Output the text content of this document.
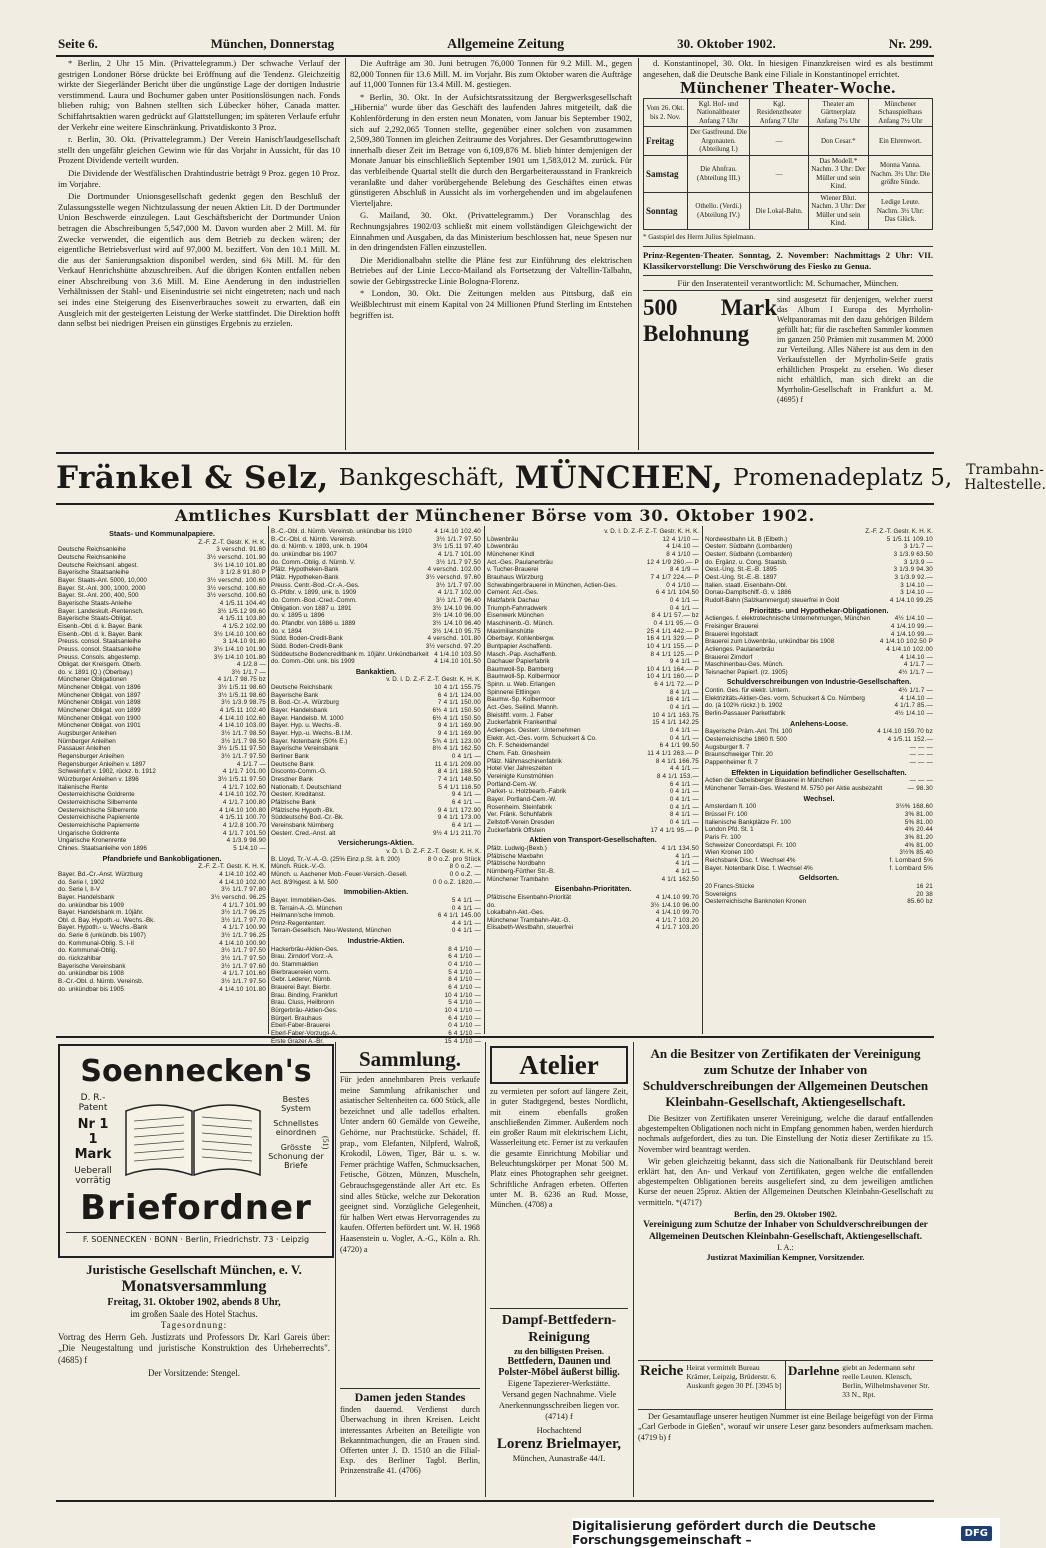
Seite 6.	München, Donnerstag	Allgemeine Zeitung	30. Oktober 1902.	Nr. 299.

* Berlin, 2 Uhr 15 Min. (Privattelegramm.) Der schwache Verlauf der gestrigen Londoner Börse drückte bei Eröffnung auf die Tendenz. Gleichzeitig wirkte der Siegerländer Bericht über die ungünstige Lage der dortigen Industrie verstimmend. Laura und Bochumer gaben unter Positionslösungen nach. Fonds blieben ruhig; von Bahnen stellten sich Lübecker höher, Canada matter. Schiffahrtsaktien waren gedrückt auf Glattstellungen; im späteren Verlaufe erfuhr der Verkehr eine weitere Einschränkung. Privatdiskonto 3 Proz.

r. Berlin, 30. Okt. (Privattelegramm.) Der Verein Hanisch'laudgesellschaft stellt den ungefähr gleichen Gewinn wie für das Vorjahr in Aussicht, für das 10 Prozent Dividende verteilt wurden.

Die Dividende der Westfälischen Drahtindustrie beträgt 9 Proz. gegen 10 Proz. im Vorjahre.

Die Dortmunder Unionsgesellschaft gedenkt gegen den Beschluß der Zulassungsstelle wegen Nichtzulassung der neuen Aktien Lit. D der Dortmunder Union Beschwerde einzulegen. Laut Geschäftsbericht der Dortmunder Union betragen die Abschreibungen 5,547,000 M. Davon wurden aber 2 Mill. M. für Zwecke verwendet, die eigentlich aus dem Betrieb zu decken wären; der eigentliche Betriebsverlust wird auf 97,000 M. beziffert. Von den 10.1 Mill. M. die aus der Sanierungsaktion disponibel werden, sind 6¾ Mill. M. für den Verkauf Henrichshütte abzuschreiben. Auf die übrigen Konten entfallen neben einer Abschreibung von 3.6 Mill. M. Eine Aenderung in den industriellen Verhältnissen der Stahl- und Eisenindustrie sei nicht eingetreten; nach und nach sei indes eine Steigerung des Eisenverbrauches soweit zu erwarten, daß ein Ausgleich mit der gesteigerten Leistung der Werke stattfindet. Die Direktion hofft dann selbst bei niedrigen Preisen ein günstiges Ergebnis zu erzielen.

Die Aufträge am 30. Juni betrugen 76,000 Tonnen für 9.2 Mill. M., gegen 82,000 Tonnen für 13.6 Mill. M. im Vorjahr. Bis zum Oktober waren die Aufträge auf 11,000 Tonnen für 13.4 Mill. M. gestiegen.

* Berlin, 30. Okt. In der Aufsichtsratssitzung der Bergwerksgesellschaft „Hibernia" wurde über das Geschäft des laufenden Jahres mitgeteilt, daß die Kohlenförderung in den ersten neun Monaten, vom Januar bis September 1902, sich auf 2,292,065 Tonnen stellte, gegenüber einer solchen von zusammen 2,509,380 Tonnen im gleichen Zeitraume des Vorjahres. Der Gesamtbruttogewinn innerhalb dieser Zeit im Betrage von 6,109,876 M. blieb hinter demjenigen der Monate Januar bis einschließlich September 1901 um 1,583,012 M. zurück. Für das verbleibende Quartal stellt die durch den Bergarbeiterausstand in Frankreich veranlaßte und daher vorübergehende Belebung des Geschäftes einen etwas günstigeren Abschluß in Aussicht als im vorhergehenden und im abgelaufenen Vierteljahre.

G. Mailand, 30. Okt. (Privattelegramm.) Der Voranschlag des Rechnungsjahres 1902/03 schließt mit einem vollständigen Gleichgewicht der Einnahmen und Ausgaben, da das Ministerium beschlossen hat, neue Spesen nur in den dringendsten Fällen einzustellen.

Die Meridionalbahn stellte die Pläne fest zur Einführung des elektrischen Betriebes auf der Linie Lecco-Mailand als Fortsetzung der Valtellin-Talbahn, sowie der Gebirgsstrecke Linie Bologna-Florenz.

* London, 30. Okt. Die Zeitungen melden aus Pittsburg, daß ein Weißblechtrust mit einem Kapital von 24 Millionen Pfund Sterling im Entstehen begriffen ist.

d. Konstantinopel, 30. Okt. In hiesigen Finanzkreisen wird es als bestimmt angesehen, daß die Deutsche Bank eine Filiale in Konstantinopel errichtet.

Münchener Theater-Woche.
Vom 26. Okt. bis 2. Nov.	Kgl. Hof- und Nationaltheater Anfang 7 Uhr	Kgl. Residenztheater Anfang 7 Uhr	Theater am Gärtnerplatz Anfang 7½ Uhr	Münchener Schauspielhaus Anfang 7½ Uhr
Freitag	Der Gastfreund. Die Argonauten. (Abteilung I.)	—	Don Cesar.*	Ein Ehrenwort.
Samstag	Die Ahnfrau. (Abteilung III.)	—	Das Modell.* Nachm. 3 Uhr: Der Müller und sein Kind.	Monna Vanna. Nachm. 3½ Uhr: Die größte Sünde.
Sonntag	Othello. (Verdi.) (Abteilung IV.)	Die Lokal-Bahn.	Wiener Blut. Nachm. 3 Uhr: Der Müller und sein Kind.	Ledige Leute. Nachm. 3½ Uhr: Das Glück.
* Gastspiel des Herrn Julius Spielmann.
Prinz-Regenten-Theater. Sonntag, 2. November: Nachmittags 2 Uhr: VII. Klassikervorstellung: Die Verschwörung des Fiesko zu Genua.
Für den Inseratenteil verantwortlich: M. Schumacher, München.
500 Mark Belohnung
sind ausgesetzt für denjenigen, welcher zuerst das Album I Europa des Myrrholin-Weltpanoramas mit den dazu gehörigen Bildern gefüllt hat; für die rascheften Sammler kommen im ganzen 250 Prämien mit zusammen M. 2000 zur Verteilung. Alles Nähere ist aus dem in den Verkaufsstellen der Myrrholin-Seife gratis erhältlichen Prospekt zu ersehen. Wo dieser nicht erhältlich, man sich direkt an die Myrrholin-Gesellschaft in Frankfurt a. M. (4695) f
Fränkel & Selz, Bankgeschäft, MÜNCHEN, Promenadeplatz 5, Trambahn-
Haltestelle.
Amtliches Kursblatt der Münchener Börse vom 30. Oktober 1902.
Staats- und Kommunalpapiere.
Z.-F. Z.-T. Gestr. K. H. K.
Deutsche Reichsanleihe	3 verschd. 91.60
Deutsche Reichsanleihe	3½ verschd. 101.90
Deutsche Reichsanl. abgest.	3½ 1/4.10 101.80
Bayerische Staatsanleihe	3 1/2.8 91.80 P
Bayer. Staats-Anl. 5000, 10,000	3½ verschd. 100.60
Bayer. St.-Anl. 300, 1000, 2000	3½ verschd. 100.60
Bayer. St.-Anl. 200, 400, 500	3½ verschd. 100.60
Bayerische Staats-Anleihe	4 1/5.11 104.40
Bayer. Landeskult.-Rentensch.	3½ 1/5.12 99.60
Bayerische Staats-Obligat.	4 1/5.11 103.80
Eisenb.-Obl. d. k. Bayer. Bank	4 1/5.2 102.90
Eisenb.-Obl. d. k. Bayer. Bank	3½ 1/4.10 100.60
Preuss. consol. Staatsanleihe	3 1/4.10 91.80
Preuss. consol. Staatsanleihe	3½ 1/4.10 101.90
Preuss. Consols. abgestemp.	3½ 1/4.10 101.80
Obligat. der Kreisgem. Oberb.	4 1/2.8 —
do. v. 1891 (Q.) (Oberbay.)	3½ 1/1.7 —
Münchener Obligationen	4 1/1.7 98.75 bz
Münchener Obligat. von 1896	3½ 1/5.11 98.60
Münchener Obligat. von 1897	3½ 1/5.11 98.60
Münchener Obligat. von 1898	3½ 1/3.9 98.75
Münchener Obligat. von 1899	4 1/5.11 102.40
Münchener Obligat. von 1900	4 1/4.10 102.60
Münchener Obligat. von 1901	4 1/4.10 103.00
Augsburger Anleihen	3½ 1/1.7 98.50
Nürnberger Anleihen	3½ 1/1.7 98.50
Passauer Anleihen	3½ 1/5.11 97.50
Regensburger Anleihen	3½ 1/1.7 97.50
Regensburger Anleihen v. 1897	4 1/1.7 —
Schweinfurt v. 1902, rückz. b. 1912	4 1/1.7 101.00
Würzburger Anleihen v. 1896	3½ 1/5.11 97.50
Italienische Rente	4 1/1.7 102.60
Oesterreichische Goldrente	4 1/4.10 102.70
Oesterreichische Silberrente	4 1/1.7 100.80
Oesterreichische Silberrente	4 1/4.10 100.80
Oesterreichische Papierrente	4 1/5.11 100.70
Oesterreichische Papierrente	4 1/2.8 100.70
Ungarische Goldrente	4 1/1.7 101.50
Ungarische Kronenrente	4 1/3.9 98.90
Chines. Staatsanleihe von 1896	5 1/4.10 —
Pfandbriefe und Bankobligationen.
Z.-F. Z.-T. Gestr. K. H. K.
Bayer. Bd.-Cr.-Anst. Würzburg	4 1/4.10 102.40
do. Serie I, 1902	4 1/4.10 102.00
do. Serie I, II-V	3½ 1/1.7 97.80
Bayer. Handelsbank	3½ verschd. 96.25
do. unkündbar bis 1909	4 1/1.7 101.90
Bayer. Handelsbank m. 10jähr.	3½ 1/1.7 96.25
Obl. d. Bay. Hypoth.-u. Wechs.-Bk.	3½ 1/1.7 97.70
Bayer. Hypoth.- u. Wechs.-Bank	4 1/1.7 100.90
do. Serie 6 (unkündb. bis 1907)	3½ 1/1.7 96.25
do. Kommunal-Oblig. S. I-II	4 1/4.10 100.90
do. Kommunal-Oblig.	3½ 1/1.7 97.50
do. rückzahlbar	3½ 1/1.7 97.50
Bayerische Vereinsbank	3½ 1/1.7 97.60
do. unkündbar bis 1908	4 1/1.7 101.60
B.-Cr.-Obl. d. Nürnb. Vereinsb.	3½ 1/1.7 97.50
do. unkündbar bis 1905	4 1/4.10 101.80
B.-C.-Obl. d. Nürnb. Vereinsb. unkündbar bis 1910	4 1/4.10 102.40
B.-Cr.-Obl. d. Nürnb. Vereinsb.	3½ 1/1.7 97.50
do. d. Nürnb. v. 1893, unk. b. 1904	3½ 1/5.11 97.40
do. unkündbar bis 1907	4 1/1.7 101.00
do. Comm.-Oblig. d. Nürnb. V.	3½ 1/1.7 97.50
Pfälz. Hypotheken-Bank	4 verschd. 102.00
Pfälz. Hypotheken-Bank	3½ verschd. 97.60
Preuss. Centr.-Bod.-Cr.-A.-Ges.	3½ 1/1.7 97.00
G.-Pfdbr. v. 1899, unk. b. 1909	4 1/1.7 102.00
do. Comm.-Bod.-Cred.-Comm.	3½ 1/1.7 96.40
Obligation. von 1887 u. 1891	3½ 1/4.10 96.00
do. v. 1895 u. 1896	3½ 1/4.10 96.00
do. Pfandbr. von 1886 u. 1889	3½ 1/4.10 96.40
do. v. 1894	3½ 1/4.10 95.75
Südd. Boden-Credit-Bank	4 verschd. 101.80
Südd. Boden-Credit-Bank	3½ verschd. 97.20
Süddeutsche Bodencreditbank m. 10jähr. Unkündbarkeit 4 1/4.10 103.50
do. Comm.-Obl. unk. bis 1909	4 1/4.10 101.50
Bankaktien.
v. D. I. D. Z.-F. Z.-T. Gestr. K. H. K.
Deutsche Reichsbank	10 4 1/1 155.75
Bayerische Bank	6 4 1/1 124.00
B. Bod.-Cr.-A. Würzburg	7 4 1/1 150.00
Bayer. Handelsbank	6½ 4 1/1 150.50
Bayer. Handelsb. M. 1000	6½ 4 1/1 150.50
Bayer. Hyp. u. Wechs.-B.	9 4 1/1 169.90
Bayer. Hyp.-u. Wechs.-B.I.M.	9 4 1/1 169.90
Bayer. Notenbank (50% E.)	5¾ 4 1/1 123.00
Bayerische Vereinsbank	8½ 4 1/1 162.50
Berliner Bank	0 4 1/1 —
Deutsche Bank	11 4 1/1 209.00
Disconto-Comm.-G.	8 4 1/1 188.50
Dresdner Bank	7 4 1/1 148.50
Nationalb. f. Deutschland	5 4 1/1 116.50
Oesterr. Kreditanst.	9 4 1/1 —
Pfälzische Bank	6 4 1/1 —
Pfälzische Hypoth.-Bk.	9 4 1/1 172.90
Süddeutsche Bod.-Cr.-Bk.	9 4 1/1 173.00
Vereinsbank Nürnberg	6 4 1/1 —
Oesterr. Cred.-Anst. alt	9½ 4 1/1 211.70
Versicherungs-Aktien.
v. D. I. D. Z.-F. Z.-T. Gestr. K. H. K.
B. Lloyd, Tr.-V.-A.-G. (25% Einz.p.St. à fl. 200)	8 0 o.Z. pro Stück
Münch. Rück.-V.-G.	8 0 o.Z. —
Münch. u. Aachener Mob.-Feuer-Versich.-Gesell.	0 0 o.Z. —
Act. 8/3%gest. à M. 500	0 0 o.Z. 1820.—
Immobilien-Aktien.
Bayer. Immobilien-Ges.	5 4 1/1 —
B. Terrain-A.-G. München	0 4 1/1 —
Heilmann'sche Immob.	6 4 1/1 145.00
Prinz-Regententerr.	4 4 1/1 —
Terrain-Gesellsch. Neu-Westend, München	0 4 1/1 —
Industrie-Aktien.
Hackerbräu-Aktien-Ges.	8 4 1/10 —
Brau. Zirndorf Vorz.-A.	6 4 1/10 —
do. Stammaktien	0 4 1/10 —
Bierbrauereien vorm.	5 4 1/10 —
Gebr. Lederer, Nürnb.	8 4 1/10 —
Brauerei Bayr. Bierbr.	6 4 1/10 —
Brau. Binding, Frankfurt	10 4 1/10 —
Brau. Cluss, Heilbronn	5 4 1/10 —
Bürgerbräu-Aktien-Ges.	10 4 1/10 —
Bürgerl. Brauhaus	6 4 1/10 —
Eberl-Faber-Brauerei	0 4 1/10 —
Eberl-Faber-Vorzugs-A.	6 4 1/10 —
Erste Grazer A.-Br.	15 4 1/10 —
v. D. I. D. Z.-F. Z.-T. Gestr. K. H. K.
Löwenbräu	12 4 1/10 —
Löwenbräu	4 1/4.10 —
Münchener Kindl	8 4 1/10 —
Act.-Ges. Paulanerbräu	12 4 1/9 260.— P
v. Tucher-Brauerei	8 4 1/9 —
Brauhaus Würzburg	7 4 1/7 224.— P
Schwabingerbrauerei in München, Actien-Ges.	0 4 1/10 —
Cement. Act.-Ges.	6 4 1/1 104.50
Malzfabrik Dachau	0 4 1/1 —
Triumph-Fahrradwerk	0 4 1/1 —
Eisenwerk München	8 4 1/1 57.— bz
Maschinenb.-G. Münch.	0 4 1/1 95.— G
Maximilianshütte	25 4 1/1 442.— P
Oberbayr. Kohlenbergw.	16 4 1/1 329.— P
Buntpapier Aschaffenb.	10 4 1/1 155.— P
Masch.-Pap. Aschaffenb.	8 4 1/1 125.— P
Dachauer Papierfabrik	9 4 1/1 —
Baumwoll-Sp. Bamberg	10 4 1/1 164.— P
Baumwoll-Sp. Kolbermoor	10 4 1/1 160.— P
Spinn. u. Web. Erlangen	6 4 1/1 72.— P
Spinnerei Ettlingen	8 4 1/1 —
Baumw.-Sp. Kolbermoor	16 4 1/1 —
Act.-Ges. Seilind. Mannh.	0 4 1/1 —
Bleistiftf. vorm. J. Faber	10 4 1/1 163.75
Zuckerfabrik Frankenthal	15 4 1/1 142.25
Actienges. Oesterr. Unternehmen	0 4 1/1 —
Elektr. Act.-Ges. vorm. Schuckert & Co.	0 4 1/1 —
Ch. F. Scheidemandel	6 4 1/1 99.50
Chem. Fab. Griesheim	11 4 1/1 263.— P
Pfälz. Nähmaschinenfabrik	8 4 1/1 166.75
Hotel Vier Jahreszeiten	4 4 1/1 —
Vereinigte Kunstmühlen	8 4 1/1 153.—
Portland-Cem.-W.	6 4 1/1 —
Parket- u. Holzbearb.-Fabrik	0 4 1/1 —
Bayer. Portland-Cem.-W.	0 4 1/1 —
Rosenheim. Steinfabrik	0 4 1/1 —
Ver. Fränk. Schuhfabrik	8 4 1/1 —
Zellstoff-Verein Dresden	0 4 1/1 —
Zuckerfabrik Offstein	17 4 1/1 95.— P
Aktien von Transport-Gesellschaften.
Pfälz. Ludwig-(Bexb.)	4 1/1 134.50
Pfälzische Maxbahn	4 1/1 —
Pfälzische Nordbahn	4 1/1 —
Nürnberg-Fürther Str.-B.	4 1/1 —
Münchener Trambahn	4 1/1 162.50
Eisenbahn-Prioritäten.
Pfälzische Eisenbahn-Priorität	4 1/4.10 99.70
do.	3½ 1/4.10 96.00
Lokalbahn-Akt.-Ges.	4 1/4.10 99.70
Münchener Trambahn-Akt.-G.	4 1/1.7 103.20
Elisabeth-Westbahn, steuerfrei	4 1/1.7 103.20
Z.-F. Z.-T. Gestr. K. H. K.
Nordwestbahn Lit. B (Elbeth.)	5 1/5.11 109.10
Oesterr. Südbahn (Lombarden)	3 1/1.7 —
Oesterr. Südbahn (Lombarden)	3 1/3.9 63.50
do. Ergänz. u. Cong. Staatsb.	3 1/3.9 —
Oest.-Ung. St.-E.-B. 1895	3 1/3.9 94.30
Oest.-Ung. St.-E.-B. 1897	3 1/3.9 92.—
Italien. staatl. Eisenbahn-Obl.	3 1/4.10 —
Donau-Dampfschiff.-G. v. 1886	3 1/4.10 —
Rudolf-Bahn (Salzkammergut) steuerfrei in Gold	4 1/4.10 99.25
Prioritäts- und Hypothekar-Obligationen.
Actienges. f. elektrotechnische Unternehmungen, München	4½ 1/4.10 —
Freisinger Brauerei	4 1/4.10 99.—
Brauerei Ingolstadt	4 1/4.10 99.—
Brauerei zum Löwenbräu, unkündbar bis 1908	4 1/4.10 102.50 P
Actienges. Paulanerbräu	4 1/4.10 102.00
Brauerei Zirndorf	4 1/4.10 —
Maschinenbau-Ges. Münch.	4 1/1.7 —
Teisnacher Papierf. (rz. 1905)	4½ 1/1.7 —
Schuldverschreibungen von Industrie-Gesellschaften.
Contin. Ges. für elektr. Untern.	4½ 1/1.7 —
Elektrizitäts-Aktien-Ges. vorm. Schuckert & Co. Nürnberg	4 1/4.10 —
do. (à 102% rückz.) b. 1902	4 1/1.7 85.—
Berlin-Passauer Parketfabrik	4½ 1/4.10 —
Anlehens-Loose.
Bayerische Präm.-Anl. Thl. 100	4 1/4.10 159.70 bz
Oesterreichische 1860 fl. 500	4 1/5.11 152.—
Augsburger fl. 7	— — —
Braunschweiger Thlr. 20	— — —
Pappenheimer fl. 7	— — —
Effekten in Liquidation befindlicher Gesellschaften.
Actien der Gabelsberger Brauerei in München	— — —
Münchener Terrain-Ges. Westend M. 5750 per Aktie ausbezahlt	— 98.30
Wechsel.
Amsterdam fl. 100	3½% 168.60
Brüssel Fr. 100	3% 81.00
Italienische Bankplätze Fr. 100	5% 81.00
London Pfd. St. 1	4% 20.44
Paris Fr. 100	3% 81.20
Schweizer Concordatspl. Fr. 100	4% 81.00
Wien Kronen 100	3½% 85.40
Reichsbank Disc. f. Wechsel 4%	f. Lombard 5%
Bayer. Notenbank Disc. f. Wechsel 4%	f. Lombard 5%
Geldsorten.
20 Francs-Stücke	16 21
Sovereigns	20 38
Oesterreichische Banknoten Kronen	85.60 bz
Soennecken's
D. R.-Patent
Nr 1
1 Mark
Ueberall vorrätig
Bestes System
Schnellstes einordnen
Grösste Schonung der Briefe
Briefordner
F. SOENNECKEN · BONN · Berlin, Friedrichstr. 73 · Leipzig
(51)
Juristische Gesellschaft München, e. V.
Monatsversammlung
Freitag, 31. Oktober 1902, abends 8 Uhr,
im großen Saale des Hotel Stachus.
Tagesordnung:
Vortrag des Herrn Geh. Justizrats und Professors Dr. Karl Gareis über: „Die Neugestaltung und juristische Konstruktion des Urheberrechts". (4685) f
Der Vorsitzende: Stengel.
Sammlung.
Für jeden annehmbaren Preis verkaufe meine Sammlung afrikanischer und asiatischer Seltenheiten ca. 600 Stück, alle bezeichnet und alle tadellos erhalten. Unter andern 60 Gemälde von Geweihe, Gehörne, nur Prachtstücke. Schädel, ff. prap., vom Elefanten, Nilpferd, Walroß, Krokodil, Löwen, Tiger, Bär u. s. w. Ferner prächtige Waffen, Schmucksachen, Fetische, Götzen, Münzen, Muscheln, Gebrauchsgegenstände aller Art etc. Es sind alles Stücke, welche zur Dekoration geeignet sind. Vorzügliche Gelegenheit, für halben Wert etwas Hervorragendes zu kaufen. Offerten befördert unt. W. H. 1968 Haasenstein u. Vogler, A.-G., Köln a. Rh. (4720) a
Damen jeden Standes
finden dauernd. Verdienst durch Überwachung in ihren Kreisen. Leicht interessantes Arbeiten an Beteiligte von Bekanntmachungen, die an Frauen sind. Offerten unter J. D. 1510 an die Filial-Exp. des Berliner Tagbl. Berlin, Prinzenstraße 41. (4706)
Atelier
zu vermieten per sofort auf längere Zeit, in guter Stadtgegend, bestes Nordlicht, mit einem ebenfalls großen anschließenden Zimmer. Außerdem noch ein großer Raum mit elektrischem Licht, Wasserleitung etc. Ferner ist zu verkaufen die gesamte Einrichtung Mobiliar und Beleuchtungskörper per Monat 500 M. Platz eines Photographen sehr geeignet. Schriftliche Anfragen erbeten. Offerten unter M. B. 6236 an Rud. Mosse, München. (4708) a
Dampf-Bettfedern-Reinigung
zu den billigsten Preisen.
Bettfedern, Daunen und Polster-Möbel äußerst billig.
Eigene Tapezierer-Werkstätte.
Versand gegen Nachnahme. Viele Anerkennungsschreiben liegen vor. (4714) f
Hochachtend
Lorenz Brielmayer,
München, Aunastraße 44/I.
An die Besitzer von Zertifikaten der Vereinigung zum Schutze der Inhaber von Schuldverschreibungen der Allgemeinen Deutschen Kleinbahn-Gesellschaft, Aktiengesellschaft.

Die Besitzer von Zertifikaten unserer Vereinigung, welche die darauf entfallenden abgestempelten Obligationen noch nicht in Empfang genommen haben, werden hierdurch nochmals aufgefordert, dies zu tun. Die Einstellung der Notiz dieser Zertifikate zu 15. November wird beantragt werden.

Wir geben gleichzeitig bekannt, dass sich die Nationalbank für Deutschland bereit erklärt hat, den An- und Verkauf von Zertifikaten, gegen welche die entfallenden abgestempelten Obligationen bereits ausgeliefert sind, zu dem jeweiligen amtlichen Kurse der neuen 25proz. Aktien der Allgemeinen Deutschen Kleinbahn-Gesellschaft zu vermitteln. *(4717)

Berlin, den 29. Oktober 1902.
Vereinigung zum Schutze der Inhaber von Schuldverschreibungen der Allgemeinen Deutschen Kleinbahn-Gesellschaft, Aktiengesellschaft.
I. A.:
Justizrat Maximilian Kempner, Vorsitzender.
Reiche Heirat vermittelt Bureau Krämer, Leipzig, Brüderstr. 6. Auskunft gegen 30 Pf. [3945 b]
Darlehne giebt an Jedermann sehr reelle Leuten. Klensch, Berlin, Wilhelmshavener Str. 33 N., Rpt.

Der Gesamtauflage unserer heutigen Nummer ist eine Beilage beigefügt von der Firma „Carl Gerbode in Gießen", worauf wir unsere Leser ganz besonders aufmerksam machen. (4719 b) f

Digitalisierung gefördert durch die Deutsche Forschungsgemeinschaft –	DFG
